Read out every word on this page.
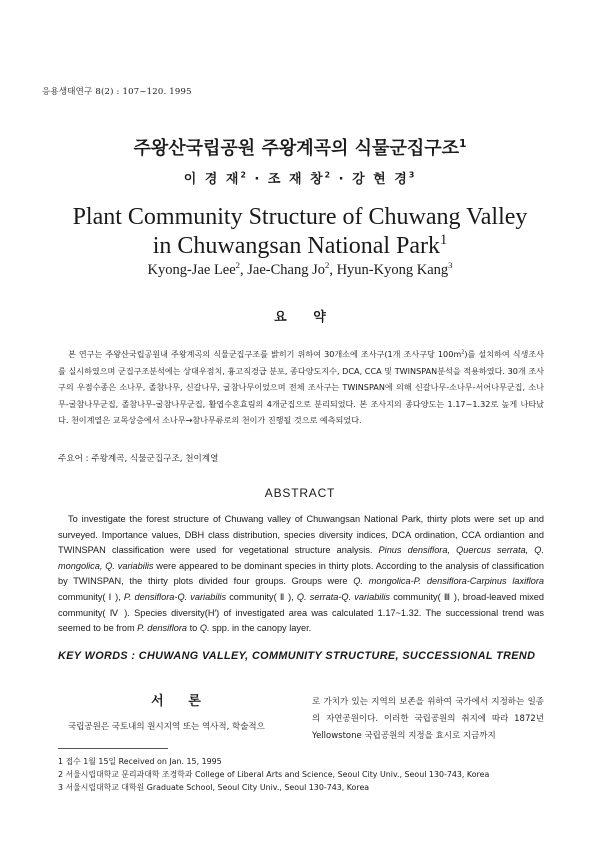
응용생태연구 8(2) : 107~120. 1995
주왕산국립공원 주왕계곡의 식물군집구조$^1$
이 경 재$^2$ · 조 재 창$^2$ · 강 현 경$^3$
Plant Community Structure of Chuwang Valley
in Chuwangsan National Park$^1$
Kyong-Jae Lee$^2$, Jae-Chang Jo$^2$, Hyun-Kyong Kang$^3$
요 약
본 연구는 주왕산국립공원내 주왕계곡의 식물군집구조를 밝히기 위하여 30개소에 조사구(1개 조사구당 $100m^2$)를 설치하여 식생조사를 실시하였으며 군집구조분석에는 상대우점치, 흉고직경급 분포, 종다양도지수, DCA, CCA 및 TWINSPAN분석을 적용하였다. 30개 조사구의 우점수종은 소나무, 졸참나무, 신갈나무, 굴참나무이었으며 전체 조사구는 TWINSPAN에 의해 신갈나무-소나무-서어나무군집, 소나무-굴참나무군집, 졸참나무-굴참나무군집, 활엽수혼효림의 4개군집으로 분리되었다. 본 조사지의 종다양도는 1.17~1.32로 높게 나타났다. 천이계열은 교목상층에서 소나무→참나무류로의 천이가 진행될 것으로 예측되었다.
주요어 : 주왕계곡, 식물군집구조, 천이계열
ABSTRACT
To investigate the forest structure of Chuwang valley of Chuwangsan National Park, thirty plots were set up and surveyed. Importance values, DBH class distribution, species diversity indices, DCA ordination, CCA ordiantion and TWINSPAN classification were used for vegetational structure analysis. Pinus densiflora, Quercus serrata, Q. mongolica, Q. variabilis were appeared to be dominant species in thirty plots. According to the analysis of classification by TWINSPAN, the thirty plots divided four groups. Groups were Q. mongolica-P. densiflora-Carpinus laxiflora community( Ⅰ ), P. densiflora-Q. variabilis community( Ⅱ ), Q. serrata-Q. variabilis community( Ⅲ ), broad-leaved mixed community( Ⅳ ). Species diversity(H′) of investigated area was calculated 1.17~1.32. The successional trend was seemed to be from P. densiflora to Q. spp. in the canopy layer.
KEY WORDS : CHUWANG VALLEY, COMMUNITY STRUCTURE, SUCCESSIONAL TREND
서 론
국립공원은 국토내의 원시지역 또는 역사적, 학술적으
로 가치가 있는 지역의 보존을 위하여 국가에서 지정하는 일종의 자연공원이다. 이러한 국립공원의 취지에 따라 1872년 Yellowstone 국립공원의 지정을 효시로 지금까지
1 접수 1월 15일 Received on Jan. 15, 1995
2 서울시립대학교 문리과대학 조경학과 College of Liberal Arts and Science, Seoul City Univ., Seoul 130-743, Korea
3 서울시립대학교 대학원 Graduate School, Seoul City Univ., Seoul 130-743, Korea
